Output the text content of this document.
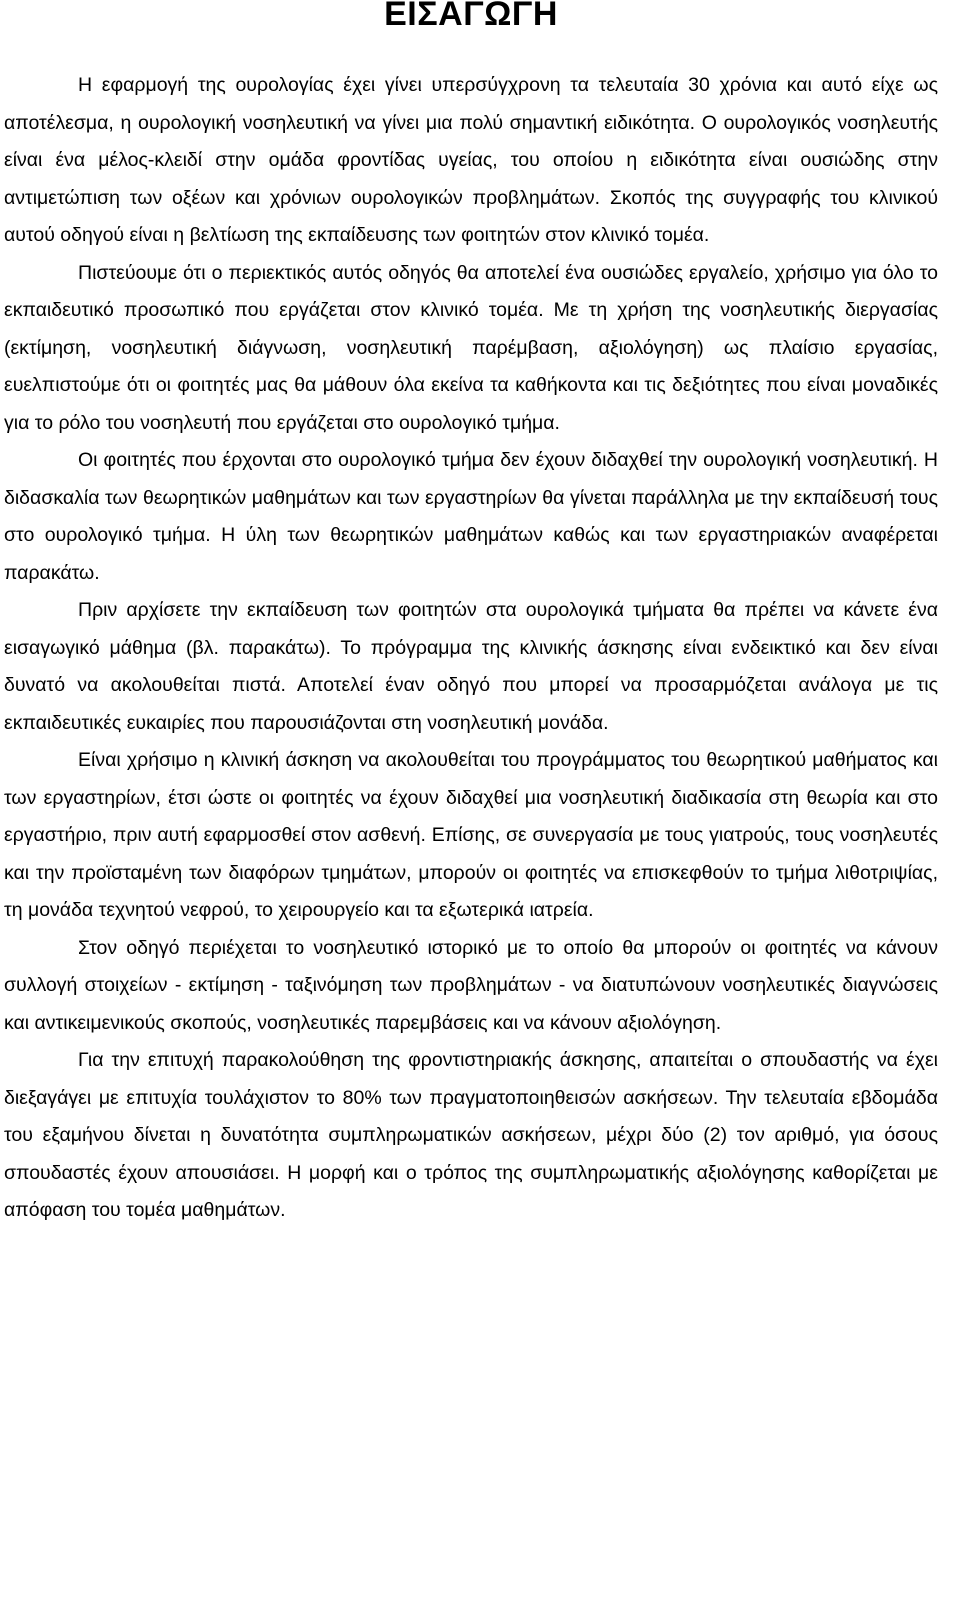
ΕΙΣΑΓΩΓΗ

Η εφαρμογή της ουρολογίας έχει γίνει υπερσύγχρονη τα τελευταία 30 χρόνια και αυτό είχε ως αποτέλεσμα, η ουρολογική νοσηλευτική να γίνει μια πολύ σημαντική ειδικότητα. Ο ουρολογικός νοσηλευτής είναι ένα μέλος-κλειδί στην ομάδα φροντίδας υγείας, του οποίου η ειδικότητα είναι ουσιώδης στην αντιμετώπιση των οξέων και χρόνιων ουρολογικών προβλημάτων. Σκοπός της συγγραφής του κλινικού αυτού οδηγού είναι η βελτίωση της εκπαίδευσης των φοιτητών στον κλινικό τομέα.

Πιστεύουμε ότι ο περιεκτικός αυτός οδηγός θα αποτελεί ένα ουσιώδες εργαλείο, χρήσιμο για όλο το εκπαιδευτικό προσωπικό που εργάζεται στον κλινικό τομέα. Με τη χρήση της νοσηλευτικής διεργασίας (εκτίμηση, νοσηλευτική διάγνωση, νοσηλευτική παρέμβαση, αξιολόγηση) ως πλαίσιο εργασίας, ευελπιστούμε ότι οι φοιτητές μας θα μάθουν όλα εκείνα τα καθήκοντα και τις δεξιότητες που είναι μοναδικές για το ρόλο του νοσηλευτή που εργάζεται στο ουρολογικό τμήμα.

Οι φοιτητές που έρχονται στο ουρολογικό τμήμα δεν έχουν διδαχθεί την ουρολογική νοσηλευτική. Η διδασκαλία των θεωρητικών μαθημάτων και των εργαστηρίων θα γίνεται παράλληλα με την εκπαίδευσή τους στο ουρολογικό τμήμα. Η ύλη των θεωρητικών μαθημάτων καθώς και των εργαστηριακών αναφέρεται παρακάτω.

Πριν αρχίσετε την εκπαίδευση των φοιτητών στα ουρολογικά τμήματα θα πρέπει να κάνετε ένα εισαγωγικό μάθημα (βλ. παρακάτω). Το πρόγραμμα της κλινικής άσκησης είναι ενδεικτικό και δεν είναι δυνατό να ακολουθείται πιστά. Αποτελεί έναν οδηγό που μπορεί να προσαρμόζεται ανάλογα με τις εκπαιδευτικές ευκαιρίες που παρουσιάζονται στη νοσηλευτική μονάδα.

Είναι χρήσιμο η κλινική άσκηση να ακολουθείται του προγράμματος του θεωρητικού μαθήματος και των εργαστηρίων, έτσι ώστε οι φοιτητές να έχουν διδαχθεί μια νοσηλευτική διαδικασία στη θεωρία και στο εργαστήριο, πριν αυτή εφαρμοσθεί στον ασθενή. Επίσης, σε συνεργασία με τους γιατρούς, τους νοσηλευτές και την προϊσταμένη των διαφόρων τμημάτων, μπορούν οι φοιτητές να επισκεφθούν το τμήμα λιθοτριψίας, τη μονάδα τεχνητού νεφρού, το χειρουργείο και τα εξωτερικά ιατρεία.

Στον οδηγό περιέχεται το νοσηλευτικό ιστορικό με το οποίο θα μπορούν οι φοιτητές να κάνουν συλλογή στοιχείων - εκτίμηση - ταξινόμηση των προβλημάτων - να διατυπώνουν νοσηλευτικές διαγνώσεις και αντικειμενικούς σκοπούς, νοσηλευτικές παρεμβάσεις και να κάνουν αξιολόγηση.

Για την επιτυχή παρακολούθηση της φροντιστηριακής άσκησης, απαιτείται ο σπουδαστής να έχει διεξαγάγει με επιτυχία τουλάχιστον το 80% των πραγματοποιηθεισών ασκήσεων. Την τελευταία εβδομάδα του εξαμήνου δίνεται η δυνατότητα συμπληρωματικών ασκήσεων, μέχρι δύο (2) τον αριθμό, για όσους σπουδαστές έχουν απουσιάσει. Η μορφή και ο τρόπος της συμπληρωματικής αξιολόγησης καθορίζεται με απόφαση του τομέα μαθημάτων.
